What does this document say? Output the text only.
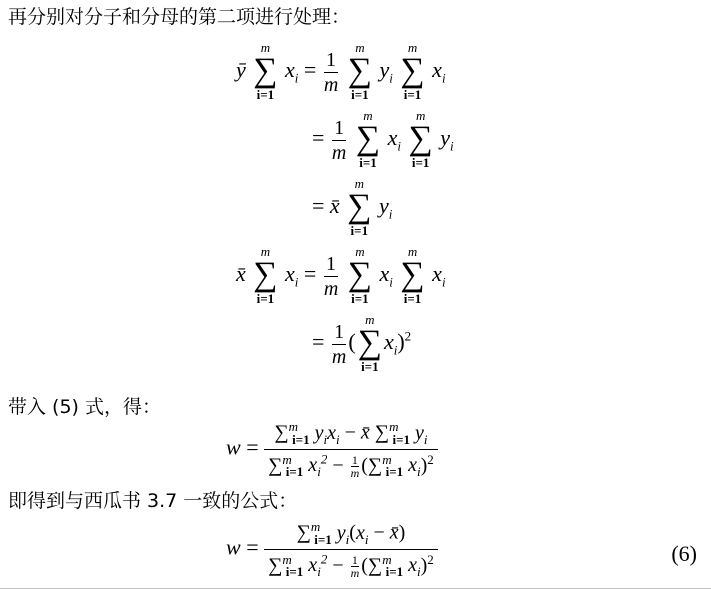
再分别对分子和分母的第二项进行处理：
ȳ
m
∑
i=1
$x_i = \frac{1}{m}$

m
∑
i=1
$y_i$
m
∑
i=1
$x_i$
= $\frac{1}{m}$

m
∑
i=1
$x_i$
m
∑
i=1
$y_i$
= x̄
m
∑
i=1
$y_i$
x̄
m
∑
i=1
$x_i = \frac{1}{m}$

m
∑
i=1
$x_i$
m
∑
i=1
$x_i$
= $\frac{1}{m}$ (
m
∑
i=1
$x_i)^2$
带入 (5) 式，得：
$w = \frac{\sum^m_{i=1} y_ix_i - x̄ \sum^m_{i=1} y_i}{\sum^m_{i=1} x_i^2 - \frac{1}{m} (\sum^m_{i=1} x_i)^2}$
即得到与西瓜书 3.7 一致的公式：
$w = \frac{\sum^m_{i=1} y_i(x_i - x̄)}{\sum^m_{i=1} x_i^2 - \frac{1}{m} (\sum^m_{i=1} x_i)^2}$	(6)
